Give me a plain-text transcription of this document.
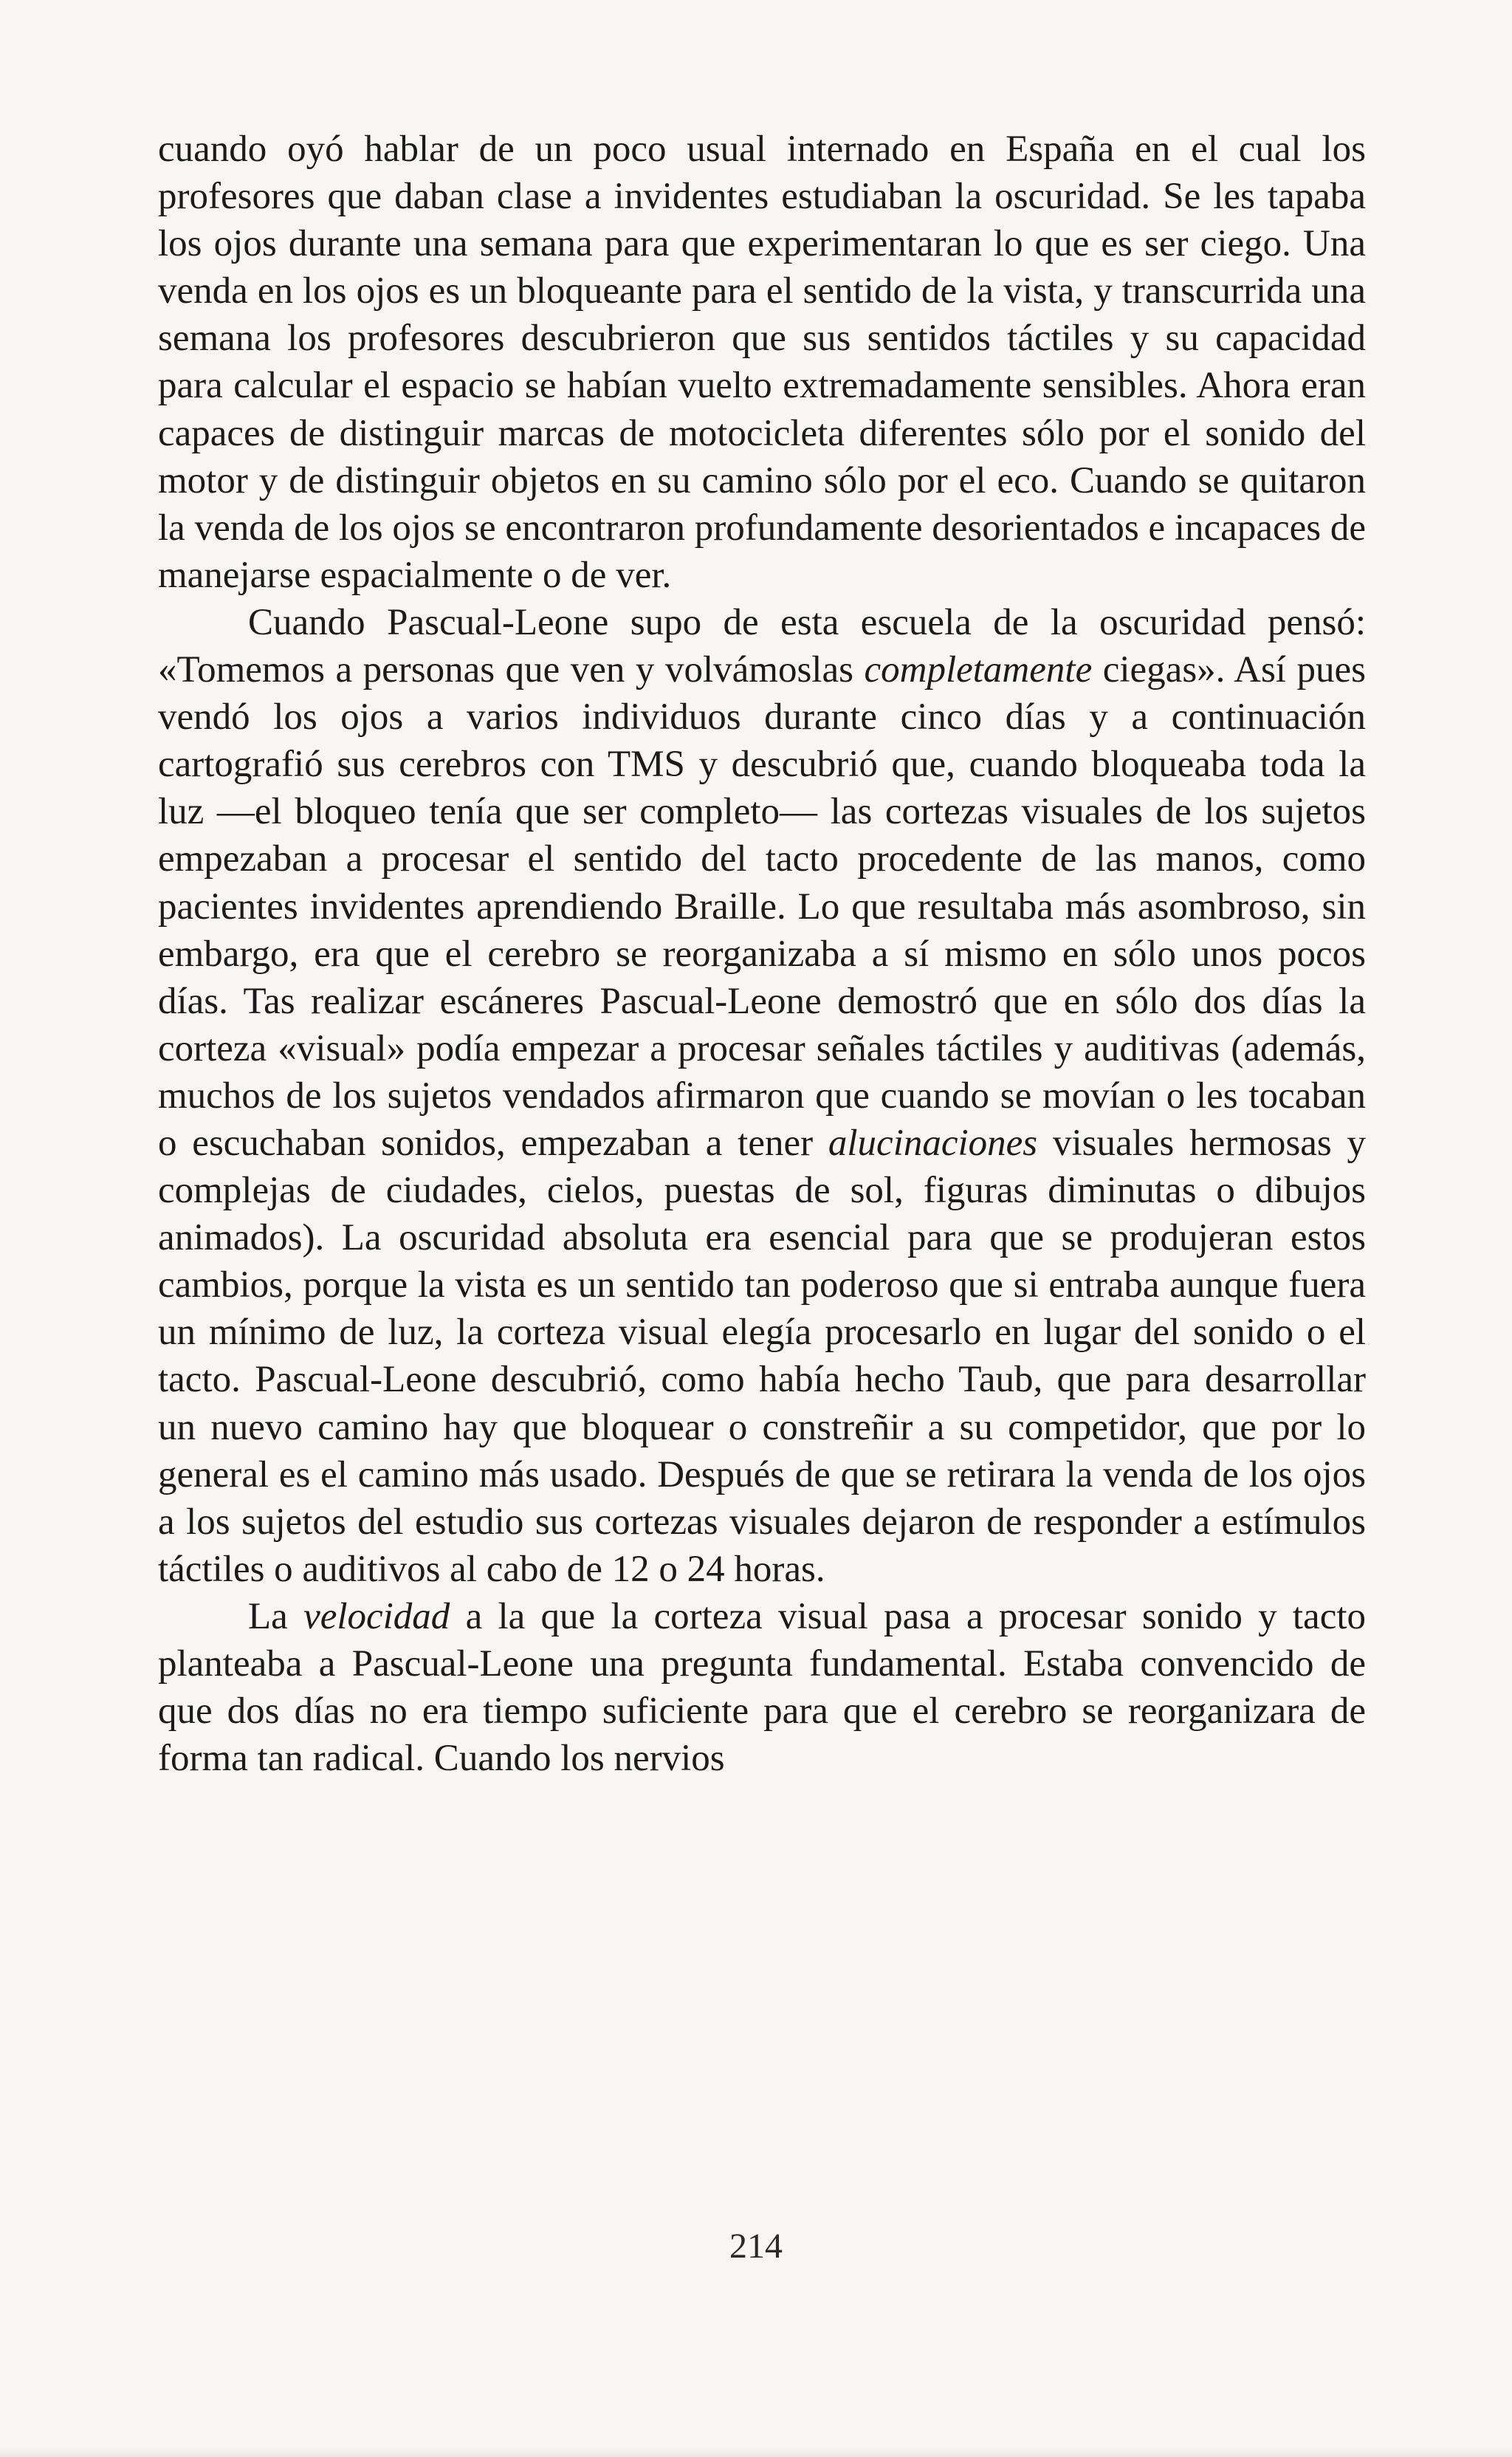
cuando oyó hablar de un poco usual internado en España en el cual los profesores que daban clase a invidentes estudiaban la oscuridad. Se les tapaba los ojos durante una semana para que experimentaran lo que es ser ciego. Una venda en los ojos es un bloqueante para el sentido de la vista, y transcurrida una semana los profesores descubrieron que sus sentidos táctiles y su capacidad para calcular el espacio se habían vuelto extremadamente sensibles. Ahora eran capaces de distinguir marcas de motocicleta diferentes sólo por el sonido del motor y de distinguir objetos en su camino sólo por el eco. Cuando se quitaron la venda de los ojos se encontraron profundamente desorientados e incapaces de manejarse espacialmente o de ver.

Cuando Pascual-Leone supo de esta escuela de la oscuridad pensó: «Tomemos a personas que ven y volvámoslas completamente ciegas». Así pues vendó los ojos a varios individuos durante cinco días y a continuación cartografió sus cerebros con TMS y descubrió que, cuando bloqueaba toda la luz —el bloqueo tenía que ser completo— las cortezas visuales de los sujetos empezaban a procesar el sentido del tacto procedente de las manos, como pacientes invidentes aprendiendo Braille. Lo que resultaba más asombroso, sin embargo, era que el cerebro se reorganizaba a sí mismo en sólo unos pocos días. Tas realizar escáneres Pascual-Leone demostró que en sólo dos días la corteza «visual» podía empezar a procesar señales táctiles y auditivas (además, muchos de los sujetos vendados afirmaron que cuando se movían o les tocaban o escuchaban sonidos, empezaban a tener alucinaciones visuales hermosas y complejas de ciudades, cielos, puestas de sol, figuras diminutas o dibujos animados). La oscuridad absoluta era esencial para que se produjeran estos cambios, porque la vista es un sentido tan poderoso que si entraba aunque fuera un mínimo de luz, la corteza visual elegía procesarlo en lugar del sonido o el tacto. Pascual-Leone descubrió, como había hecho Taub, que para desarrollar un nuevo camino hay que bloquear o constreñir a su competidor, que por lo general es el camino más usado. Después de que se retirara la venda de los ojos a los sujetos del estudio sus cortezas visuales dejaron de responder a estímulos táctiles o auditivos al cabo de 12 o 24 horas.

La velocidad a la que la corteza visual pasa a procesar sonido y tacto planteaba a Pascual-Leone una pregunta fundamental. Estaba convencido de que dos días no era tiempo suficiente para que el cerebro se reorganizara de forma tan radical. Cuando los nervios

214
